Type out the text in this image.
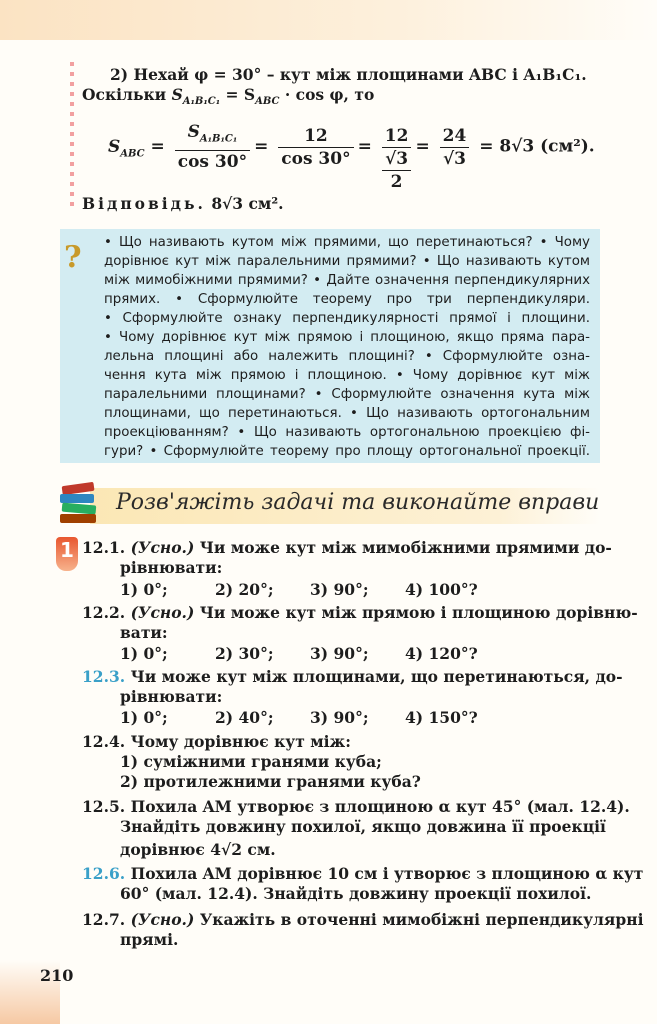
2) Нехай φ = 30° – кут між площинами ABC і A₁B₁C₁.
Оскільки $S_{A_1B_1C_1} = S_{ABC} \cdot \cos \varphi$, то
$S_{ABC} = \frac{S_{A_1B_1C_1}}{\cos 30^\circ} = \frac{12}{\cos 30^\circ}$ =
12
√3
2
= $\frac{24}{√3} = 8√3$ (см²).
Відповідь. 8√3 см².
?	• Що називають кутом між прямими, що перетинаються? • Чому
дорівнює кут між паралельними прямими? • Що називають кутом
між мимобіжними прямими? • Дайте означення перпендикулярних
прямих. • Сформулюйте теорему про три перпендикуляри.
• Сформулюйте ознаку перпендикулярності прямої і площини.
• Чому дорівнює кут між прямою і площиною, якщо пряма пара-
лельна площині або належить площині? • Сформулюйте озна-
чення кута між прямою і площиною. • Чому дорівнює кут між
паралельними площинами? • Сформулюйте означення кута між
площинами, що перетинаються. • Що називають ортогональним
проекціюванням? • Що називають ортогональною проекцією фі-
гури? • Сформулюйте теорему про площу ортогональної проекції.
Розв'яжіть задачі та виконайте вправи
1 12.1. (Усно.) Чи може кут між мимобіжними прямими до-
рівнювати:
1) 0°;	2) 20°; 3) 90°; 4) 100°?
12.2. (Усно.) Чи може кут між прямою і площиною дорівню-
вати:
1) 0°;	2) 30°; 3) 90°; 4) 120°?
12.3. Чи може кут між площинами, що перетинаються, до-
рівнювати:
1) 0°;	2) 40°; 3) 90°; 4) 150°?
12.4. Чому дорівнює кут між:
1) суміжними гранями куба;
2) протилежними гранями куба?
12.5. Похила AM утворює з площиною α кут 45° (мал. 12.4).
Знайдіть довжину похилої, якщо довжина її проекції
дорівнює 4√2 см.
12.6. Похила AM дорівнює 10 см і утворює з площиною α кут
60° (мал. 12.4). Знайдіть довжину проекції похилої.
12.7. (Усно.) Укажіть в оточенні мимобіжні перпендикулярні
прямі.
210
